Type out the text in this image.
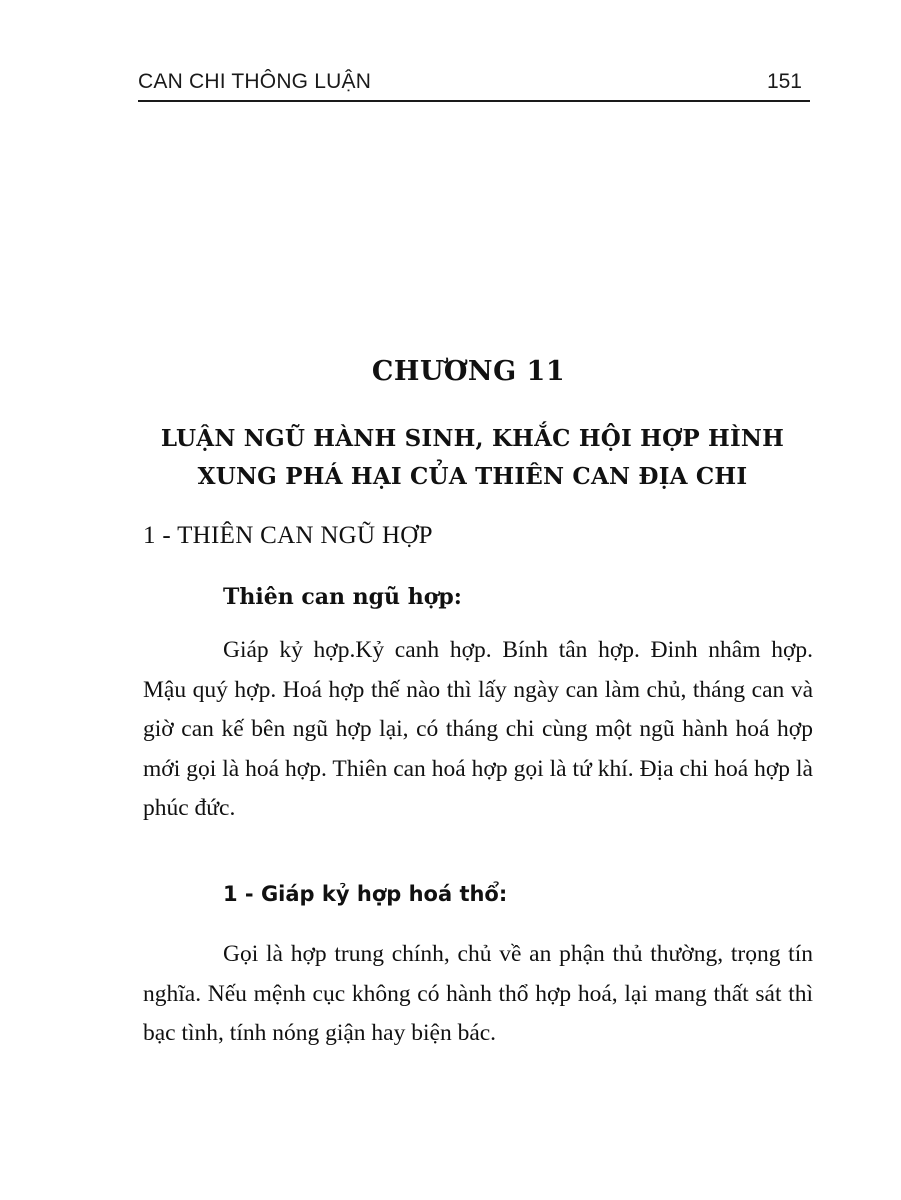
CAN CHI THÔNG LUẬN	151
CHƯƠNG 11
LUẬN NGŨ HÀNH SINH, KHẮC HỘI HỢP HÌNH
XUNG PHÁ HẠI CỦA THIÊN CAN ĐỊA CHI
1 - THIÊN CAN NGŨ HỢP
Thiên can ngũ hợp:

Giáp kỷ hợp.Kỷ canh hợp. Bính tân hợp. Đinh nhâm hợp. Mậu quý hợp. Hoá hợp thế nào thì lấy ngày can làm chủ, tháng can và giờ can kế bên ngũ hợp lại, có tháng chi cùng một ngũ hành hoá hợp mới gọi là hoá hợp. Thiên can hoá hợp gọi là tứ khí. Địa chi hoá hợp là phúc đức.

1 - Giáp kỷ hợp hoá thổ:

Gọi là hợp trung chính, chủ về an phận thủ thường, trọng tín nghĩa. Nếu mệnh cục không có hành thổ hợp hoá, lại mang thất sát thì bạc tình, tính nóng giận hay biện bác.
